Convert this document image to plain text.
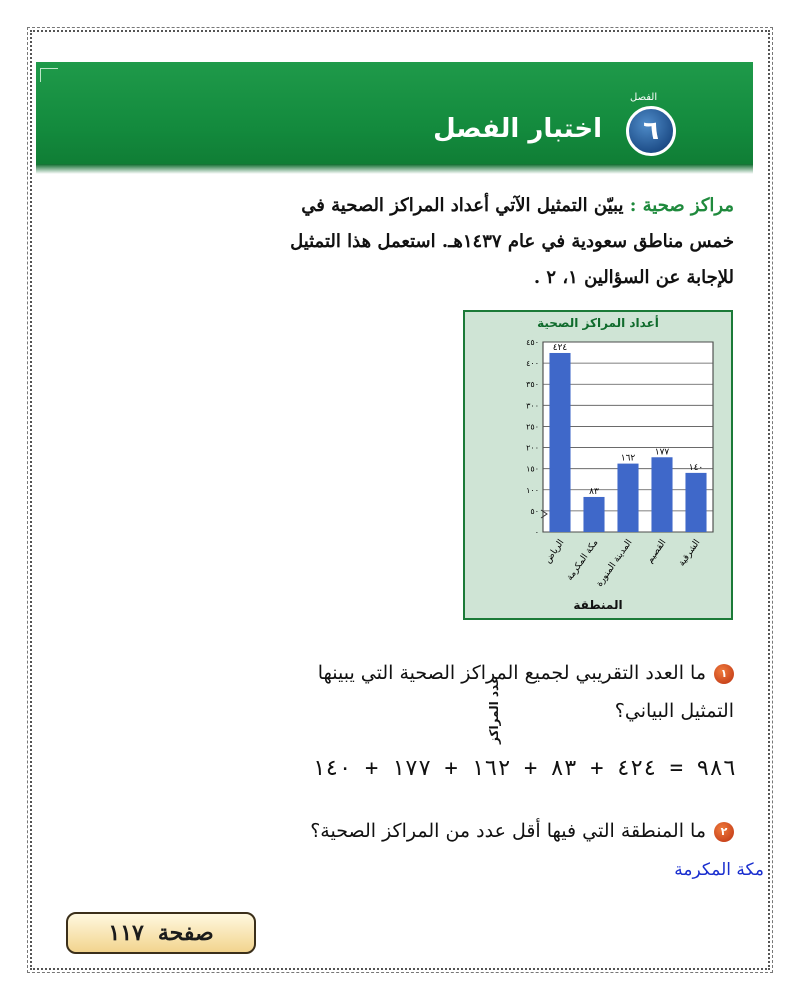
الفصل
٦
اختبار الفصل
مراكز صحية : يبيّن التمثيل الآتي أعداد المراكز الصحية في خمس مناطق سعودية في عام ١٤٣٧هـ. استعمل هذا التمثيل للإجابة عن السؤالين ١، ٢ .
أعداد المراكز الصحية
٠
٥٠
١٠٠
١٥٠
٢٠٠
٢٥٠
٣٠٠
٣٥٠
٤٠٠
٤٥٠
٤٢٤
الرياض
٨٣
مكة المكرمة
١٦٢
المدينة المنورة
١٧٧
القصيم
١٤٠
الشرقية
المنطقة
عدد المراكز
١ما العدد التقريبي لجميع المراكز الصحية التي يبينها التمثيل البياني؟
٩٨٦ = ٤٢٤ + ٨٣ + ١٦٢ + ١٧٧ + ١٤٠
٢ما المنطقة التي فيها أقل عدد من المراكز الصحية؟
مكة المكرمة
صفحة
١١٧
